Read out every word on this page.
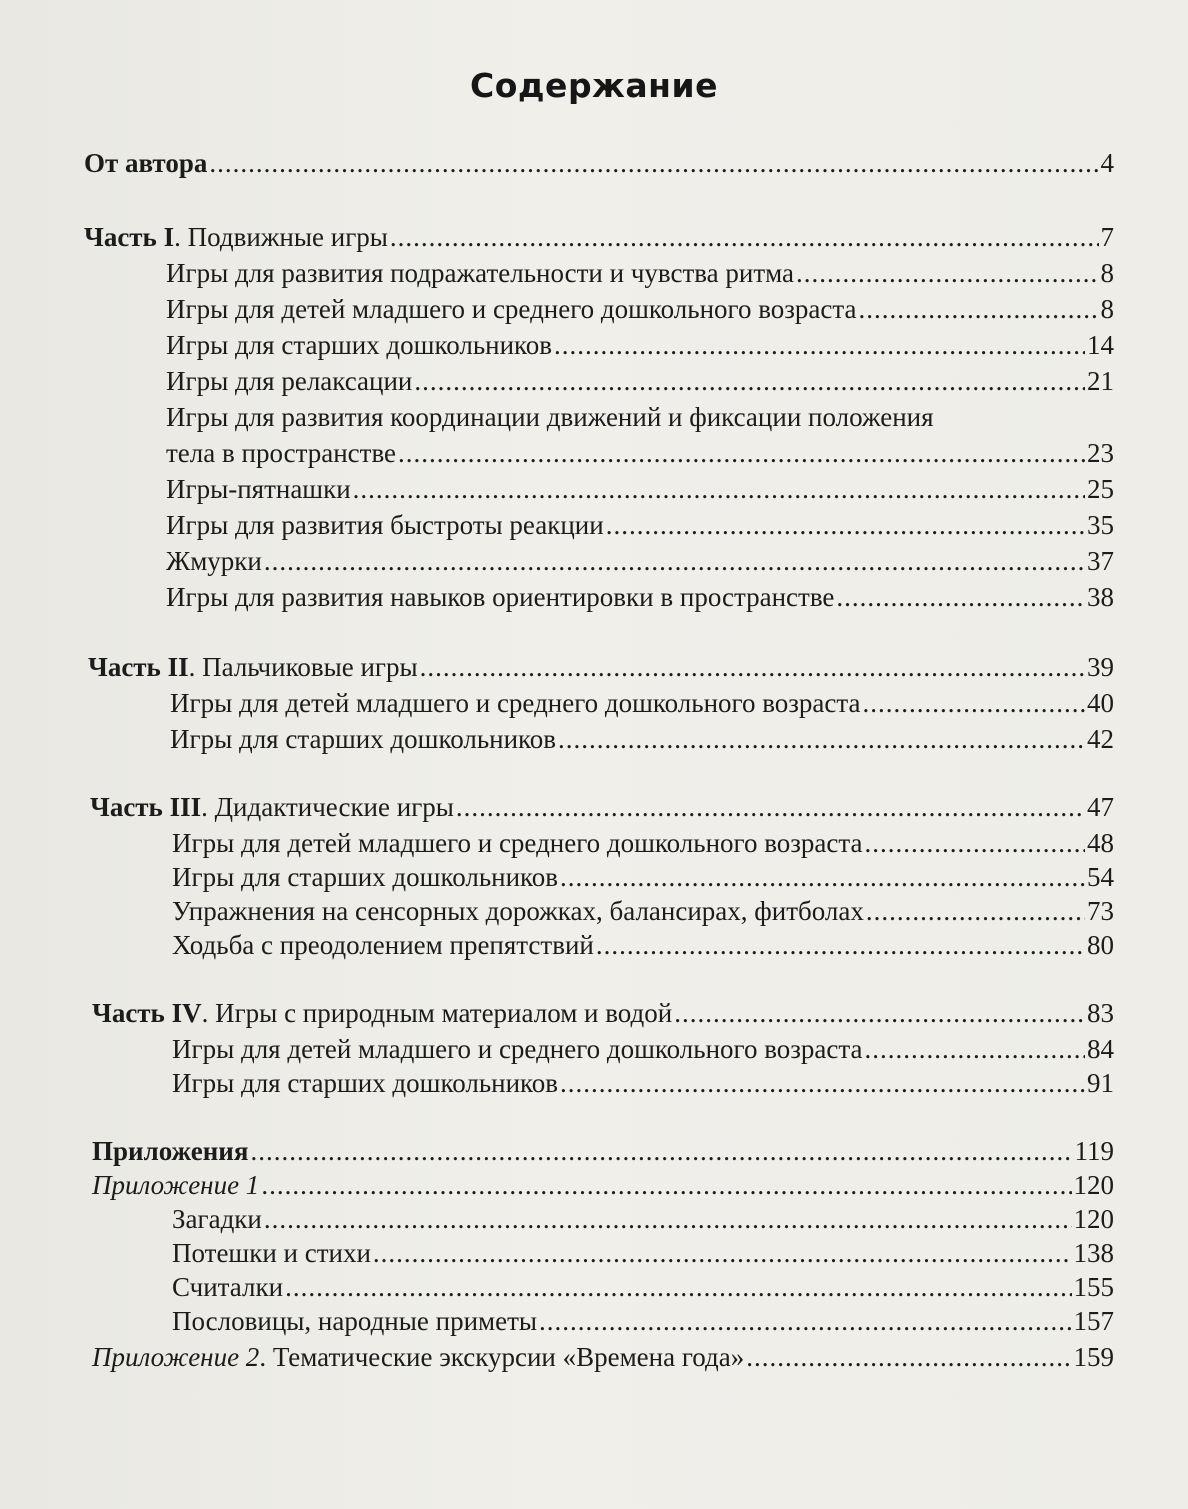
Содержание
От автора .....	4
Часть I. Подвижные игры .....	7
Игры для развития подражательности и чувства ритма .....	8
Игры для детей младшего и среднего дошкольного возраста .....	8
Игры для старших дошкольников .....	14
Игры для релаксации .....	21
Игры для развития координации движений и фиксации положения
тела в пространстве .....	23
Игры-пятнашки .....	25
Игры для развития быстроты реакции .....	35
Жмурки .....	37
Игры для развития навыков ориентировки в пространстве .....	38
Часть II. Пальчиковые игры .....	39
Игры для детей младшего и среднего дошкольного возраста .....	40
Игры для старших дошкольников .....	42
Часть III. Дидактические игры .....	47
Игры для детей младшего и среднего дошкольного возраста .....	48
Игры для старших дошкольников .....	54
Упражнения на сенсорных дорожках, балансирах, фитболах .....	73
Ходьба с преодолением препятствий .....	80
Часть IV. Игры с природным материалом и водой .....	83
Игры для детей младшего и среднего дошкольного возраста .....	84
Игры для старших дошкольников .....	91
Приложения .....	119
Приложение 1 .....	120
Загадки .....	120
Потешки и стихи .....	138
Считалки .....	155
Пословицы, народные приметы .....	157
Приложение 2. Тематические экскурсии «Времена года» .....	159
